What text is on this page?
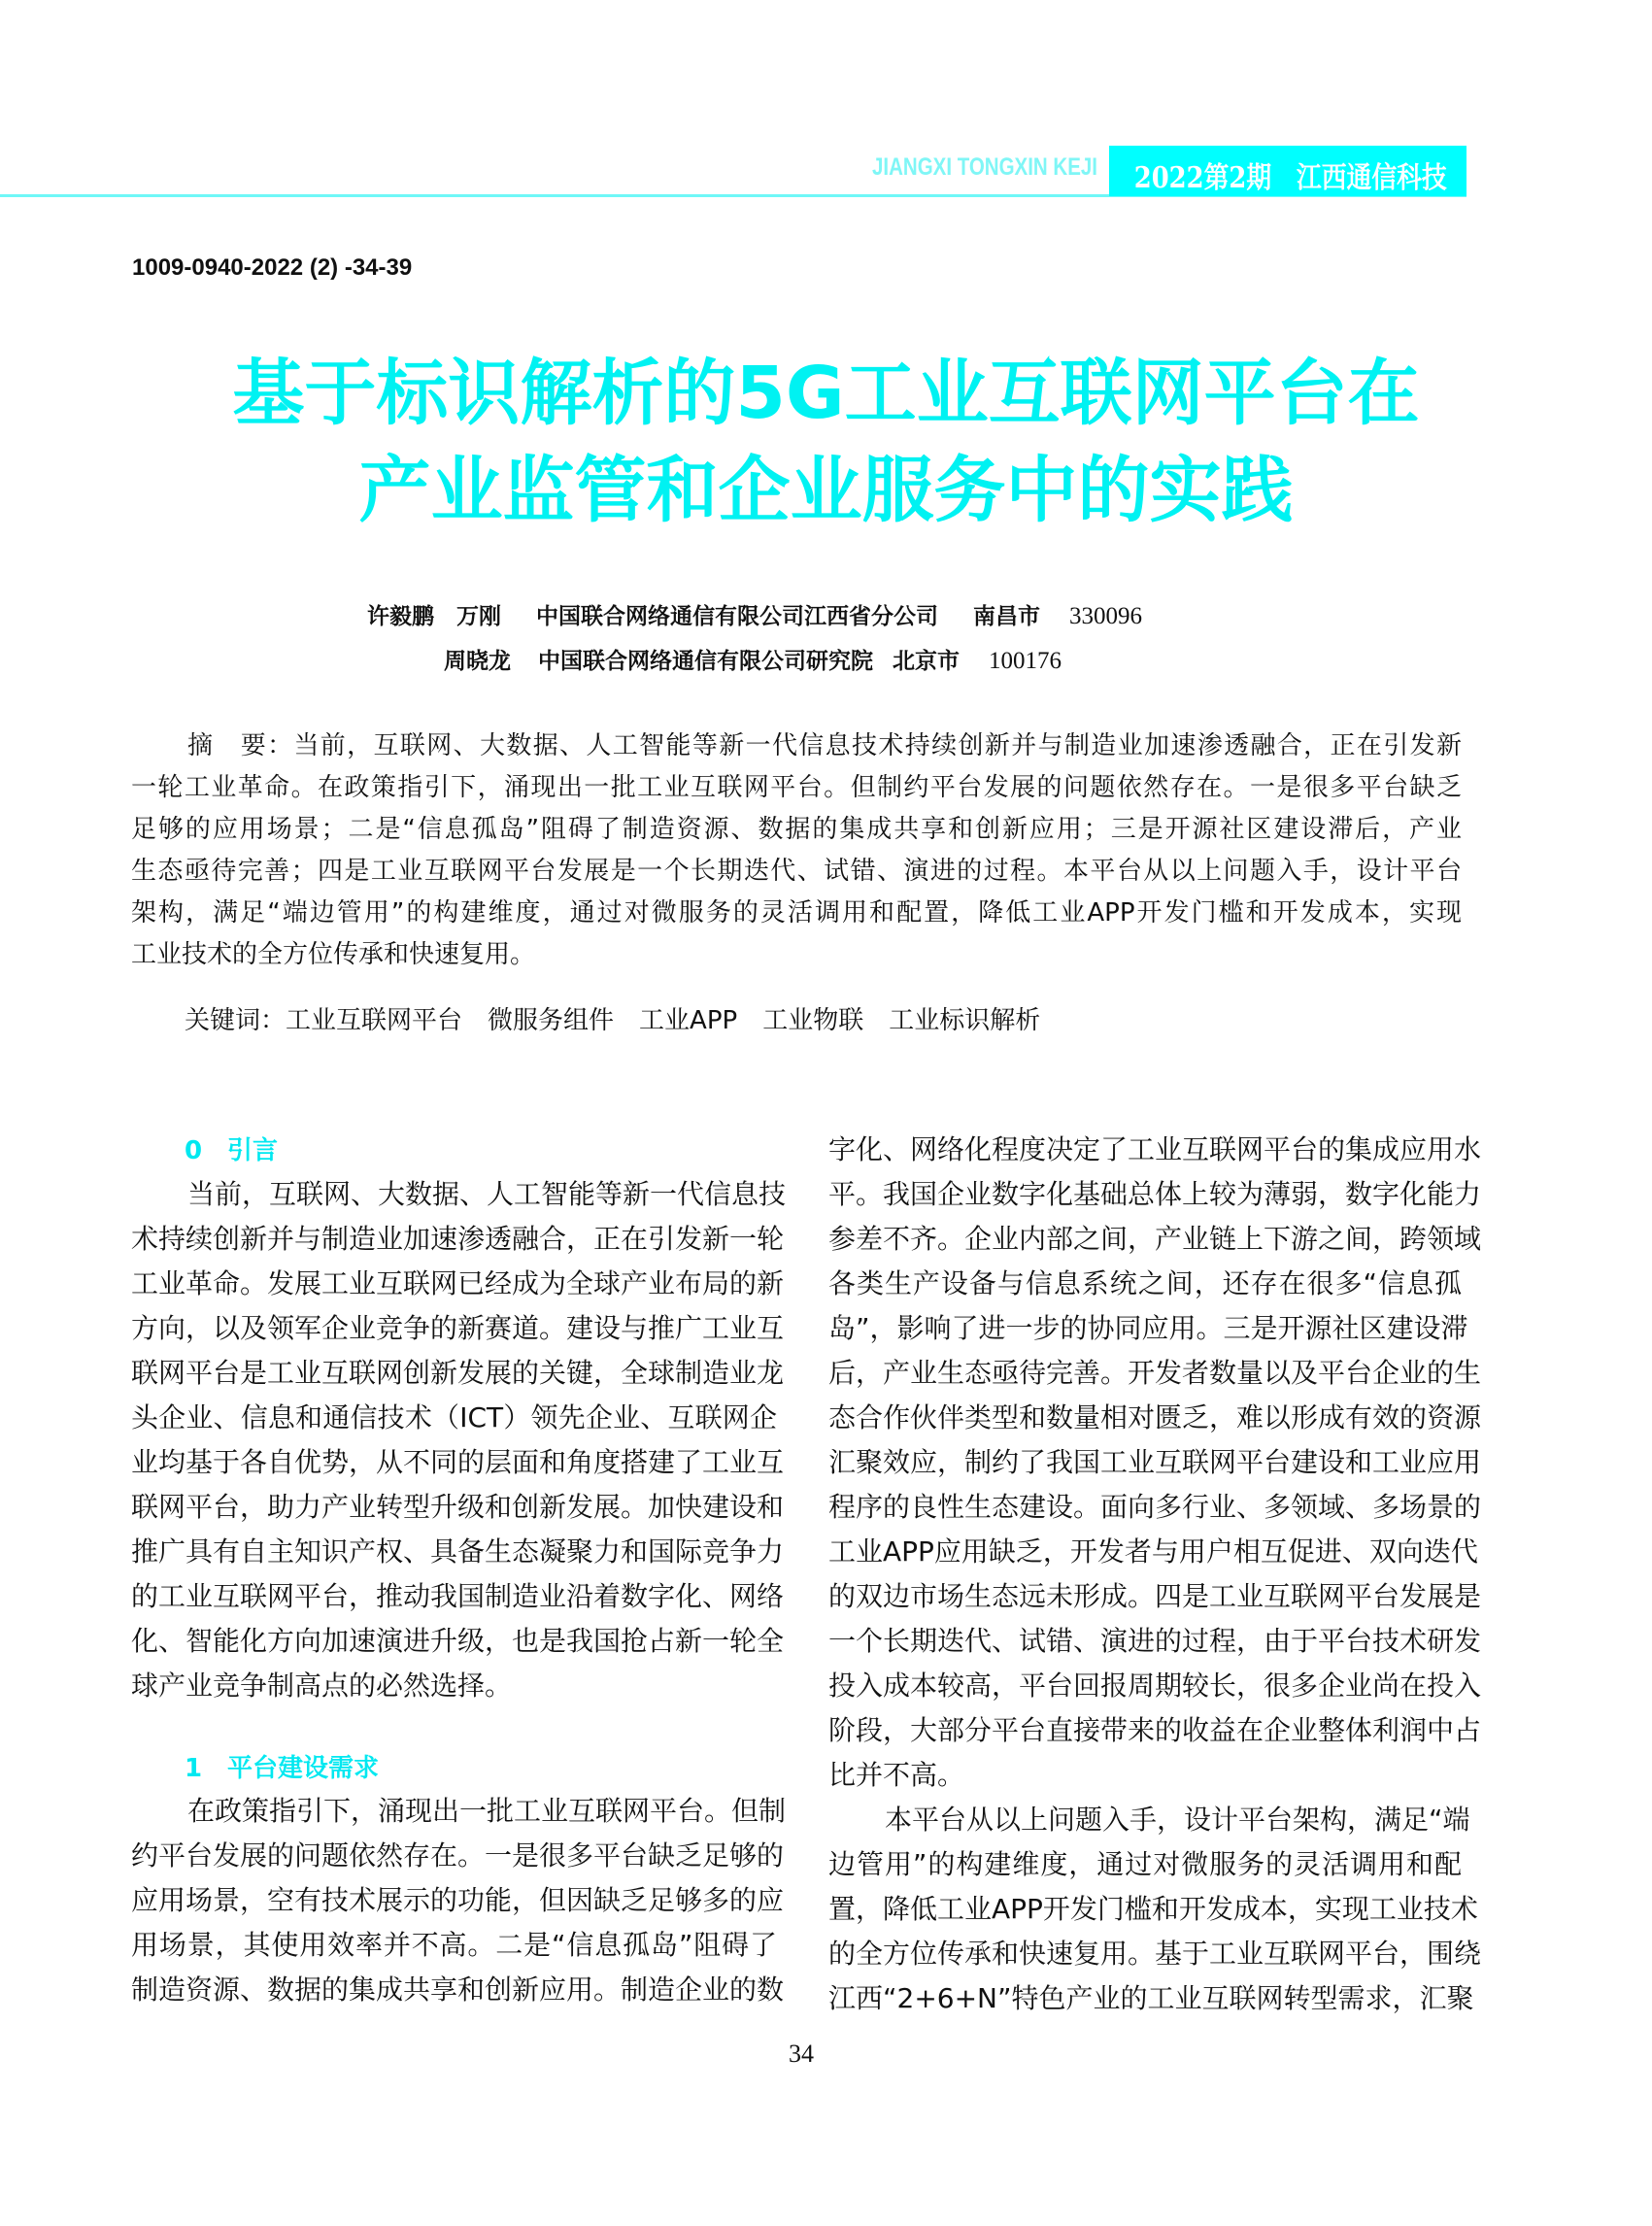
JIANGXI TONGXIN KEJI 2022第2期　江西通信科技
1009-0940-2022 (2) -34-39
基于标识解析的5G工业互联网平台在
产业监管和企业服务中的实践
许毅鹏　万刚 中国联合网络通信有限公司江西省分公司 南昌市 330096
周晓龙 中国联合网络通信有限公司研究院 北京市 100176
摘　要：当前，互联网、大数据、人工智能等新一代信息技术持续创新并与制造业加速渗透融合，正在引发新
一轮工业革命。在政策指引下，涌现出一批工业互联网平台。但制约平台发展的问题依然存在。一是很多平台缺乏
足够的应用场景；二是“信息孤岛”阻碍了制造资源、数据的集成共享和创新应用；三是开源社区建设滞后，产业
生态亟待完善；四是工业互联网平台发展是一个长期迭代、试错、演进的过程。本平台从以上问题入手，设计平台
架构，满足“端边管用”的构建维度，通过对微服务的灵活调用和配置，降低工业APP开发门槛和开发成本，实现
工业技术的全方位传承和快速复用。
关键词：工业互联网平台 微服务组件 工业APP 工业物联 工业标识解析
0 引言
当前，互联网、大数据、人工智能等新一代信息技
术持续创新并与制造业加速渗透融合，正在引发新一轮
工业革命。发展工业互联网已经成为全球产业布局的新
方向，以及领军企业竞争的新赛道。建设与推广工业互
联网平台是工业互联网创新发展的关键，全球制造业龙
头企业、信息和通信技术（ICT）领先企业、互联网企
业均基于各自优势，从不同的层面和角度搭建了工业互
联网平台，助力产业转型升级和创新发展。加快建设和
推广具有自主知识产权、具备生态凝聚力和国际竞争力
的工业互联网平台，推动我国制造业沿着数字化、网络
化、智能化方向加速演进升级，也是我国抢占新一轮全
球产业竞争制高点的必然选择。
1 平台建设需求
在政策指引下，涌现出一批工业互联网平台。但制
约平台发展的问题依然存在。一是很多平台缺乏足够的
应用场景，空有技术展示的功能，但因缺乏足够多的应
用场景，其使用效率并不高。二是“信息孤岛”阻碍了
制造资源、数据的集成共享和创新应用。制造企业的数
字化、网络化程度决定了工业互联网平台的集成应用水
平。我国企业数字化基础总体上较为薄弱，数字化能力
参差不齐。企业内部之间，产业链上下游之间，跨领域
各类生产设备与信息系统之间，还存在很多“信息孤
岛”，影响了进一步的协同应用。三是开源社区建设滞
后，产业生态亟待完善。开发者数量以及平台企业的生
态合作伙伴类型和数量相对匮乏，难以形成有效的资源
汇聚效应，制约了我国工业互联网平台建设和工业应用
程序的良性生态建设。面向多行业、多领域、多场景的
工业APP应用缺乏，开发者与用户相互促进、双向迭代
的双边市场生态远未形成。四是工业互联网平台发展是
一个长期迭代、试错、演进的过程，由于平台技术研发
投入成本较高，平台回报周期较长，很多企业尚在投入
阶段，大部分平台直接带来的收益在企业整体利润中占
比并不高。
本平台从以上问题入手，设计平台架构，满足“端
边管用”的构建维度，通过对微服务的灵活调用和配
置，降低工业APP开发门槛和开发成本，实现工业技术
的全方位传承和快速复用。基于工业互联网平台，围绕
江西“2+6+N”特色产业的工业互联网转型需求，汇聚
34
